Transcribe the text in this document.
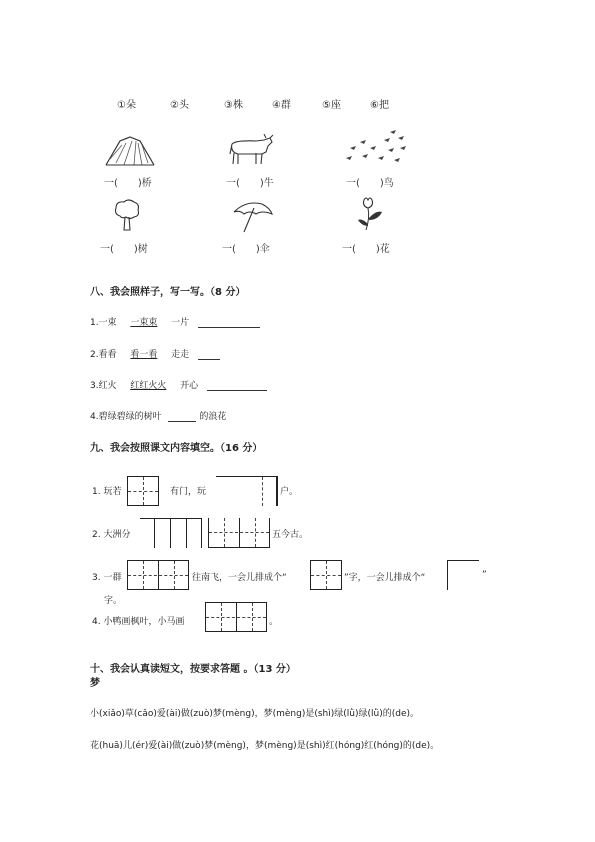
①朵	②头	③株	④群	⑤座	⑥把
一(　　)桥	一(　　)牛	一(　　)鸟
一(　　)树	一(　　)伞	一(　　)花
八、我会照样子，写一写。（8 分）
1.一束 一束束 一片
2.看看 看一看 走走
3.红火 红红火火 开心
4.碧绿碧绿的树叶	的浪花
九、我会按照课文内容填空。（16 分）
1. 玩若	有门，玩	户。
2. 大洲分	五今古。
3. 一群	往南飞，一会儿排成个“	”字，一会儿排成个“	”
字。
4. 小鸭画枫叶，小马画	。
十、我会认真读短文，按要求答题 。（13 分）
梦
小(xiǎo)草(cǎo)爱(ài)做(zuò)梦(mèng)，梦(mèng)是(shì)绿(lǜ)绿(lǜ)的(de)。
花(huā)儿(ér)爱(ài)做(zuò)梦(mèng)，梦(mèng)是(shì)红(hóng)红(hóng)的(de)。
